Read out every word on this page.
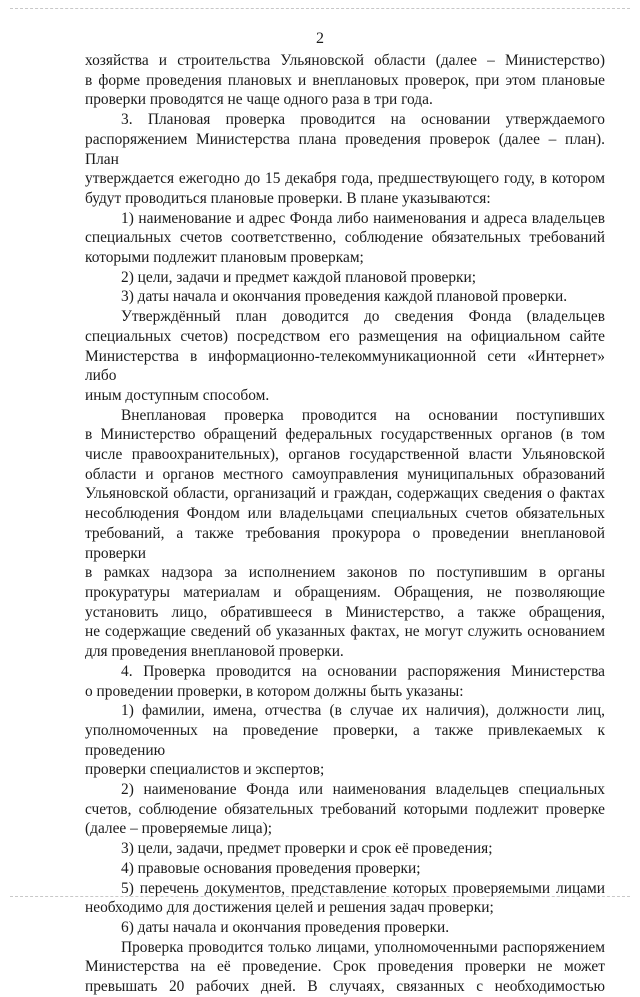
2

хозяйства и строительства Ульяновской области (далее – Министерство)

в форме проведения плановых и внеплановых проверок, при этом плановые

проверки проводятся не чаще одного раза в три года.

3. Плановая проверка проводится на основании утверждаемого

распоряжением Министерства плана проведения проверок (далее – план). План

утверждается ежегодно до 15 декабря года, предшествующего году, в котором

будут проводиться плановые проверки. В плане указываются:

1) наименование и адрес Фонда либо наименования и адреса владельцев

специальных счетов соответственно, соблюдение обязательных требований

которыми подлежит плановым проверкам;

2) цели, задачи и предмет каждой плановой проверки;

3) даты начала и окончания проведения каждой плановой проверки.

Утверждённый план доводится до сведения Фонда (владельцев

специальных счетов) посредством его размещения на официальном сайте

Министерства в информационно-телекоммуникационной сети «Интернет» либо

иным доступным способом.

Внеплановая проверка проводится на основании поступивших

в Министерство обращений федеральных государственных органов (в том

числе правоохранительных), органов государственной власти Ульяновской

области и органов местного самоуправления муниципальных образований

Ульяновской области, организаций и граждан, содержащих сведения о фактах

несоблюдения Фондом или владельцами специальных счетов обязательных

требований, а также требования прокурора о проведении внеплановой проверки

в рамках надзора за исполнением законов по поступившим в органы

прокуратуры материалам и обращениям. Обращения, не позволяющие

установить лицо, обратившееся в Министерство, а также обращения,

не содержащие сведений об указанных фактах, не могут служить основанием

для проведения внеплановой проверки.

4. Проверка проводится на основании распоряжения Министерства

о проведении проверки, в котором должны быть указаны:

1) фамилии, имена, отчества (в случае их наличия), должности лиц,

уполномоченных на проведение проверки, а также привлекаемых к проведению

проверки специалистов и экспертов;

2) наименование Фонда или наименования владельцев специальных

счетов, соблюдение обязательных требований которыми подлежит проверке

(далее – проверяемые лица);

3) цели, задачи, предмет проверки и срок её проведения;

4) правовые основания проведения проверки;

5) перечень документов, представление которых проверяемыми лицами

необходимо для достижения целей и решения задач проверки;

6) даты начала и окончания проведения проверки.

Проверка проводится только лицами, уполномоченными распоряжением

Министерства на её проведение. Срок проведения проверки не может

превышать 20 рабочих дней. В случаях, связанных с необходимостью
